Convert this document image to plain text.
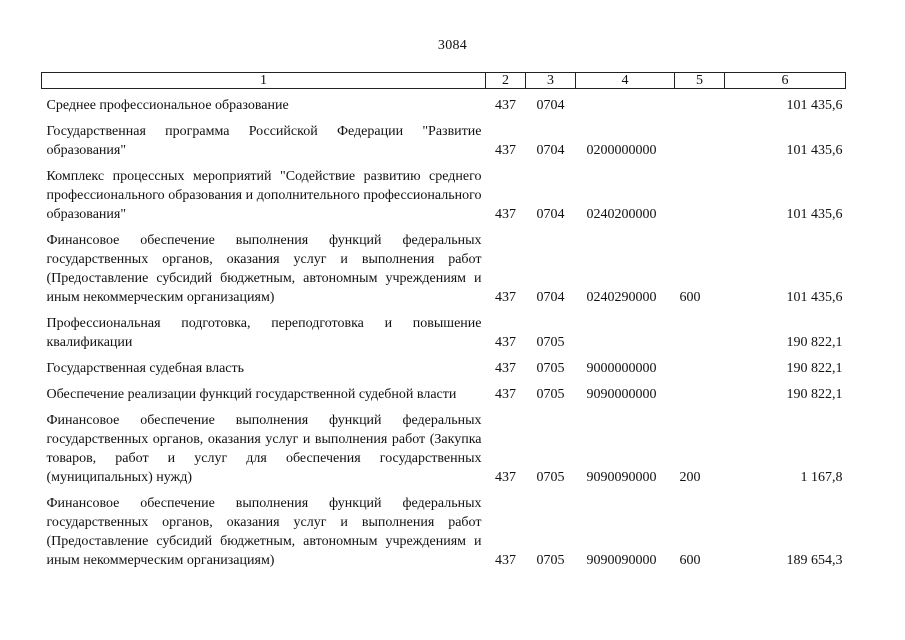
3084
1	2	3	4	5	6
Среднее профессиональное образование	437	0704			101 435,6
Государственная программа Российской Федерации "Развитие образования"	437	0704	0200000000		101 435,6
Комплекс процессных мероприятий "Содействие развитию среднего профессионального образования и дополнительного профессионального образования"	437	0704	0240200000		101 435,6
Финансовое обеспечение выполнения функций федеральных государственных органов, оказания услуг и выполнения работ (Предоставление субсидий бюджетным, автономным учреждениям и иным некоммерческим организациям)	437	0704	0240290000	600	101 435,6
Профессиональная подготовка, переподготовка и повышение квалификации	437	0705			190 822,1
Государственная судебная власть	437	0705	9000000000		190 822,1
Обеспечение реализации функций государственной судебной власти	437	0705	9090000000		190 822,1
Финансовое обеспечение выполнения функций федеральных государственных органов, оказания услуг и выполнения работ (Закупка товаров, работ и услуг для обеспечения государственных (муниципальных) нужд)	437	0705	9090090000	200	1 167,8
Финансовое обеспечение выполнения функций федеральных государственных органов, оказания услуг и выполнения работ (Предоставление субсидий бюджетным, автономным учреждениям и иным некоммерческим организациям)	437	0705	9090090000	600	189 654,3
